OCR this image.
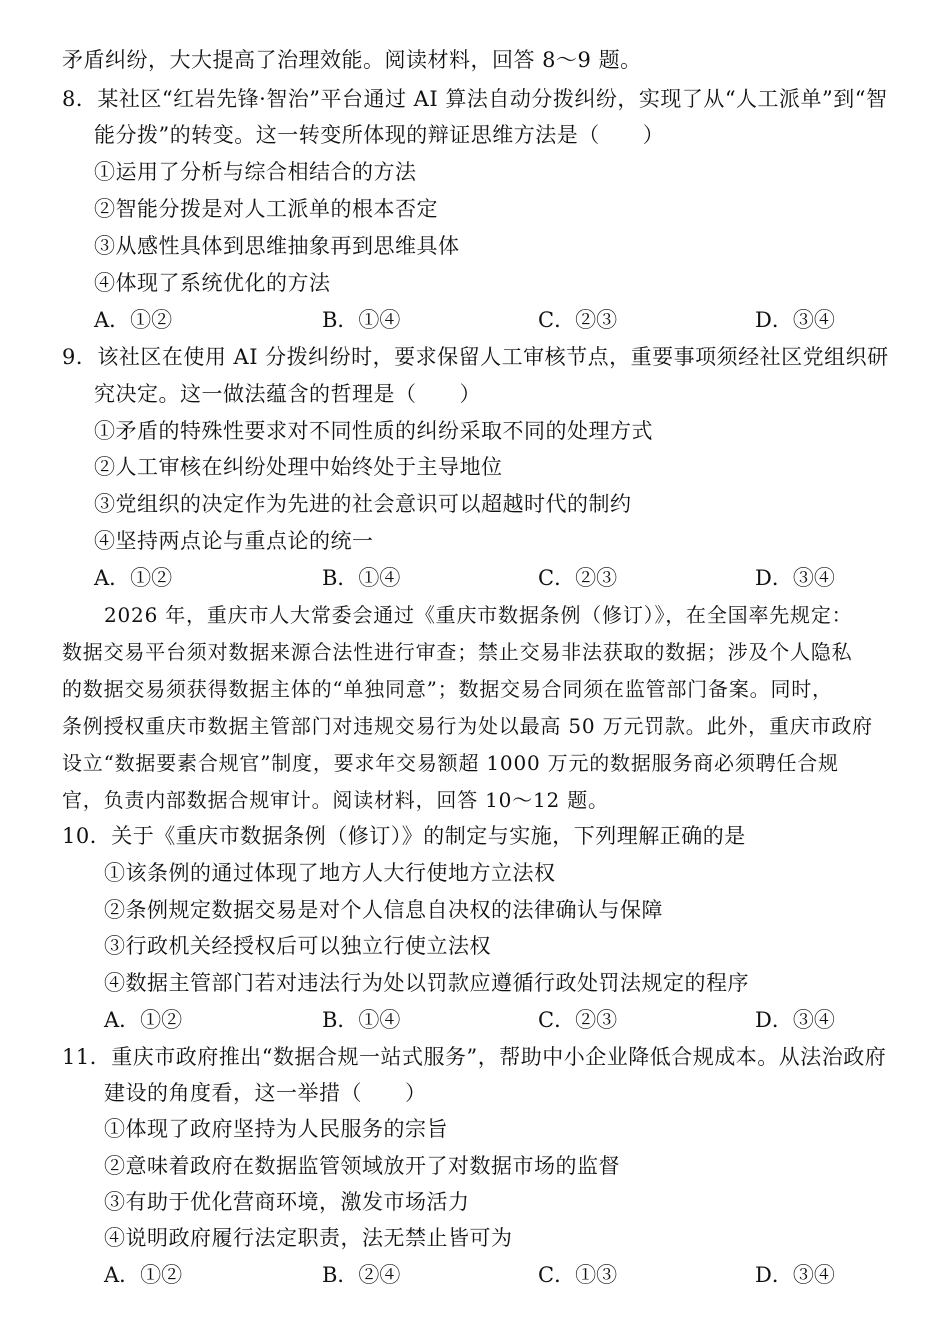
矛盾纠纷，大大提高了治理效能。阅读材料，回答 8～9 题。
8．某社区“红岩先锋·智治”平台通过 AI 算法自动分拨纠纷，实现了从“人工派单”到“智
能分拨”的转变。这一转变所体现的辩证思维方法是（　　）
①运用了分析与综合相结合的方法
②智能分拨是对人工派单的根本否定
③从感性具体到思维抽象再到思维具体
④体现了系统优化的方法
A．①②	B．①④	C．②③	D．③④
9．该社区在使用 AI 分拨纠纷时，要求保留人工审核节点，重要事项须经社区党组织研
究决定。这一做法蕴含的哲理是（　　）
①矛盾的特殊性要求对不同性质的纠纷采取不同的处理方式
②人工审核在纠纷处理中始终处于主导地位
③党组织的决定作为先进的社会意识可以超越时代的制约
④坚持两点论与重点论的统一
A．①②	B．①④	C．②③	D．③④
2026 年，重庆市人大常委会通过《重庆市数据条例（修订）》，在全国率先规定：
数据交易平台须对数据来源合法性进行审查；禁止交易非法获取的数据；涉及个人隐私
的数据交易须获得数据主体的“单独同意”；数据交易合同须在监管部门备案。同时，
条例授权重庆市数据主管部门对违规交易行为处以最高 50 万元罚款。此外，重庆市政府
设立“数据要素合规官”制度，要求年交易额超 1000 万元的数据服务商必须聘任合规
官，负责内部数据合规审计。阅读材料，回答 10～12 题。
10．关于《重庆市数据条例（修订）》的制定与实施，下列理解正确的是
①该条例的通过体现了地方人大行使地方立法权
②条例规定数据交易是对个人信息自决权的法律确认与保障
③行政机关经授权后可以独立行使立法权
④数据主管部门若对违法行为处以罚款应遵循行政处罚法规定的程序
A．①②	B．①④	C．②③	D．③④
11．重庆市政府推出“数据合规一站式服务”，帮助中小企业降低合规成本。从法治政府
建设的角度看，这一举措（　　）
①体现了政府坚持为人民服务的宗旨
②意味着政府在数据监管领域放开了对数据市场的监督
③有助于优化营商环境，激发市场活力
④说明政府履行法定职责，法无禁止皆可为
A．①②	B．②④	C．①③	D．③④
